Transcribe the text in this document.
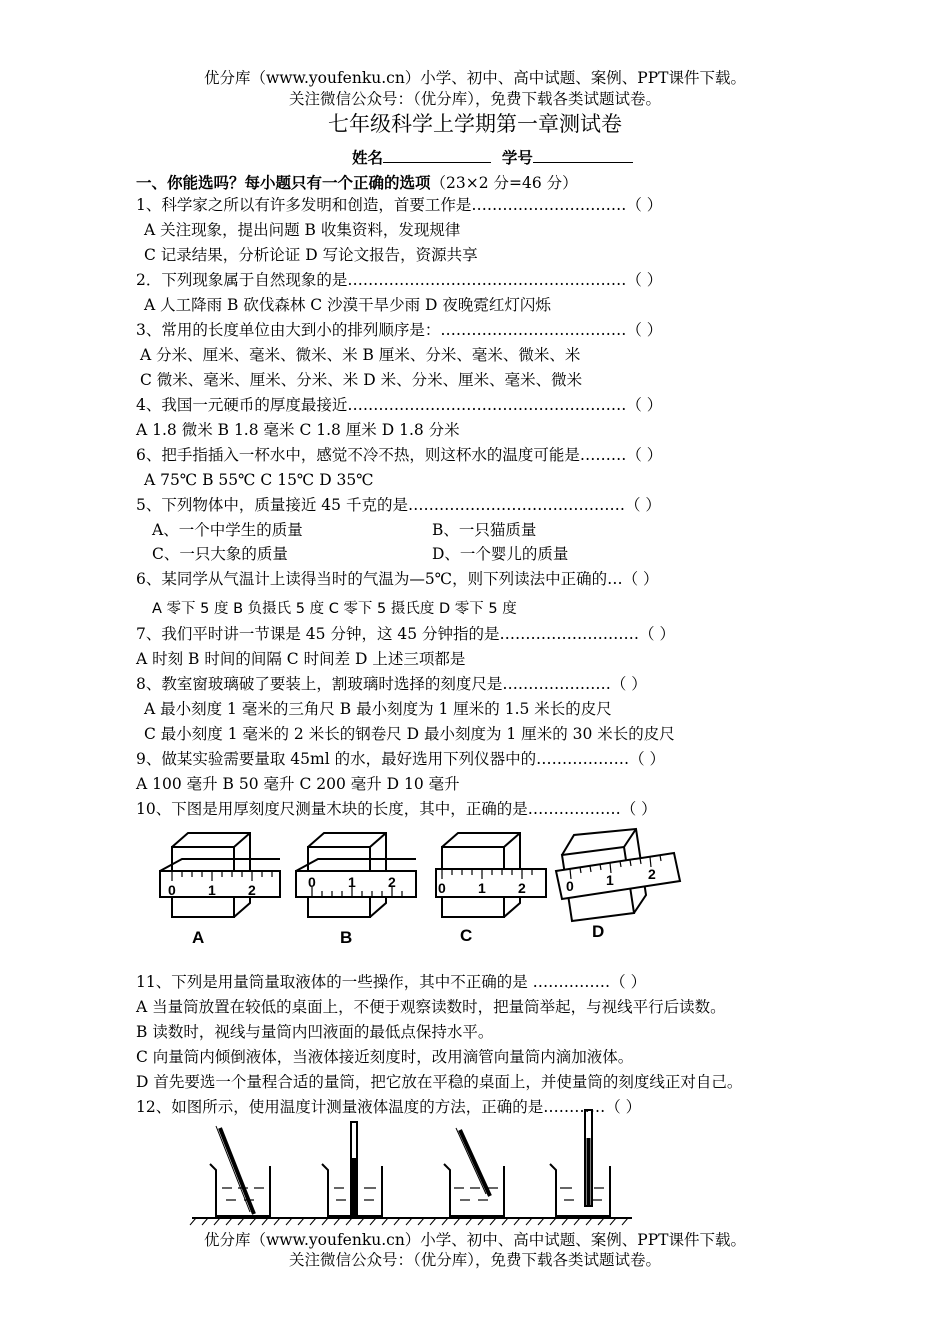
优分库（www.youfenku.cn）小学、初中、高中试题、案例、PPT课件下载。
关注微信公众号：（优分库），免费下载各类试题试卷。
七年级科学上学期第一章测试卷
姓名	学号
一、你能选吗？每小题只有一个正确的选项（23×2 分=46 分）
1、科学家之所以有许多发明和创造，首要工作是…………………………（ ）
A 关注现象，提出问题 B 收集资料，发现规律
C 记录结果，分析论证 D 写论文报告，资源共享
2．下列现象属于自然现象的是………………………………………………（ ）
A 人工降雨 B 砍伐森林 C 沙漠干旱少雨 D 夜晚霓红灯闪烁
3、常用的长度单位由大到小的排列顺序是：………………………………（ ）
A 分米、厘米、毫米、微米、米 B 厘米、分米、毫米、微米、米
C 微米、毫米、厘米、分米、米 D 米、分米、厘米、毫米、微米
4、我国一元硬币的厚度最接近………………………………………………（ ）
A 1.8 微米 B 1.8 毫米 C 1.8 厘米 D 1.8 分米
6、把手指插入一杯水中，感觉不冷不热，则这杯水的温度可能是………（ ）
A 75℃ B 55℃ C 15℃ D 35℃
5、下列物体中，质量接近 45 千克的是……………………………………（ ）
A、一个中学生的质量	B、一只猫质量
C、一只大象的质量	D、一个婴儿的质量
6、某同学从气温计上读得当时的气温为—5℃，则下列读法中正确的…（ ）
A 零下 5 度 B 负摄氏 5 度 C 零下 5 摄氏度 D 零下 5 度
7、我们平时讲一节课是 45 分钟，这 45 分钟指的是………………………（ ）
A 时刻 B 时间的间隔 C 时间差 D 上述三项都是
8、教室窗玻璃破了要装上，割玻璃时选择的刻度尺是…………………（ ）
A 最小刻度 1 毫米的三角尺 B 最小刻度为 1 厘米的 1.5 米长的皮尺
C 最小刻度 1 毫米的 2 米长的钢卷尺 D 最小刻度为 1 厘米的 30 米长的皮尺
9、做某实验需要量取 45ml 的水，最好选用下列仪器中的………………（ ）
A 100 毫升 B 50 毫升 C 200 毫升 D 10 毫升
10、下图是用厚刻度尺测量木块的长度，其中，正确的是………………（ ）
0 1 2	0 1 2	0 1 2	0 1 2
A	B	C	D
11、下列是用量筒量取液体的一些操作，其中不正确的是 ……………（ ）
A 当量筒放置在较低的桌面上，不便于观察读数时，把量筒举起，与视线平行后读数。
B 读数时，视线与量筒内凹液面的最低点保持水平。
C 向量筒内倾倒液体，当液体接近刻度时，改用滴管向量筒内滴加液体。
D 首先要选一个量程合适的量筒，把它放在平稳的桌面上，并使量筒的刻度线正对自己。
12、如图所示，使用温度计测量液体温度的方法，正确的是…………（ ）
优分库（www.youfenku.cn）小学、初中、高中试题、案例、PPT课件下载。
关注微信公众号：（优分库），免费下载各类试题试卷。
